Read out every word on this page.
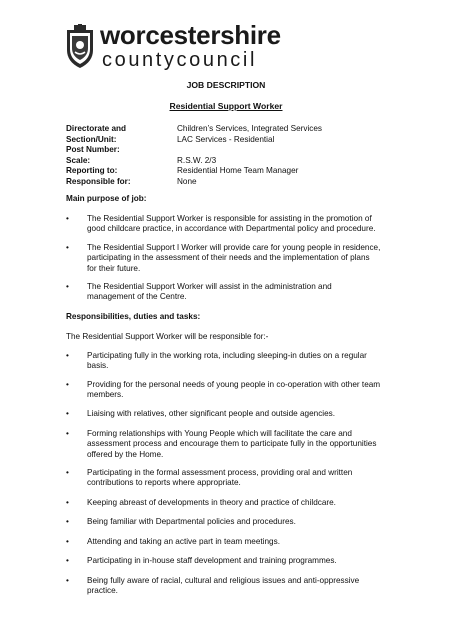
worcestershire
countycouncil
JOB DESCRIPTION
Residential Support Worker
Directorate and	Children’s Services, Integrated Services
Section/Unit:	LAC Services - Residential
Post Number:
Scale:	R.S.W. 2/3
Reporting to:	Residential Home Team Manager
Responsible for:	None
Main purpose of job:
• The Residential Support Worker is responsible for assisting in the promotion of
good childcare practice, in accordance with Departmental policy and procedure.
• The Residential Support l Worker will provide care for young people in residence,
participating in the assessment of their needs and the implementation of plans
for their future.
• The Residential Support Worker will assist in the administration and
management of the Centre.
Responsibilities, duties and tasks:
The Residential Support Worker will be responsible for:-
• Participating fully in the working rota, including sleeping-in duties on a regular
basis.
• Providing for the personal needs of young people in co-operation with other team
members.
• Liaising with relatives, other significant people and outside agencies.
• Forming relationships with Young People which will facilitate the care and
assessment process and encourage them to participate fully in the opportunities
offered by the Home.
• Participating in the formal assessment process, providing oral and written
contributions to reports where appropriate.
• Keeping abreast of developments in theory and practice of childcare.
• Being familiar with Departmental policies and procedures.
• Attending and taking an active part in team meetings.
• Participating in in-house staff development and training programmes.
• Being fully aware of racial, cultural and religious issues and anti-oppressive
practice.
